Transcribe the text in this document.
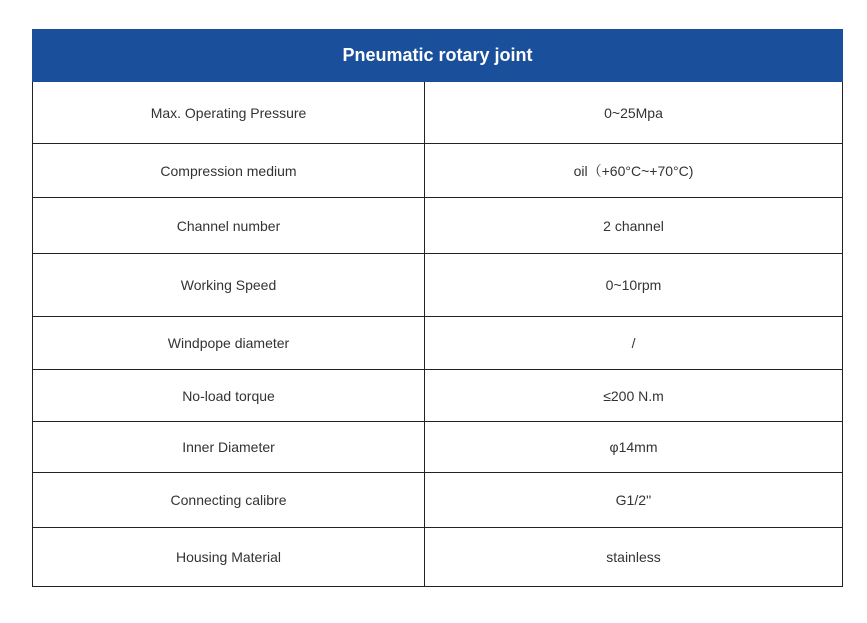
Pneumatic rotary joint	
Max. Operating Pressure	0~25Mpa
Compression medium	oil（+60°C~+70°C)
Channel number	2 channel
Working Speed	0~10rpm
Windpope diameter	/
No-load torque	≤200 N.m
Inner Diameter	φ14mm
Connecting calibre	G1/2''
Housing Material	stainless
